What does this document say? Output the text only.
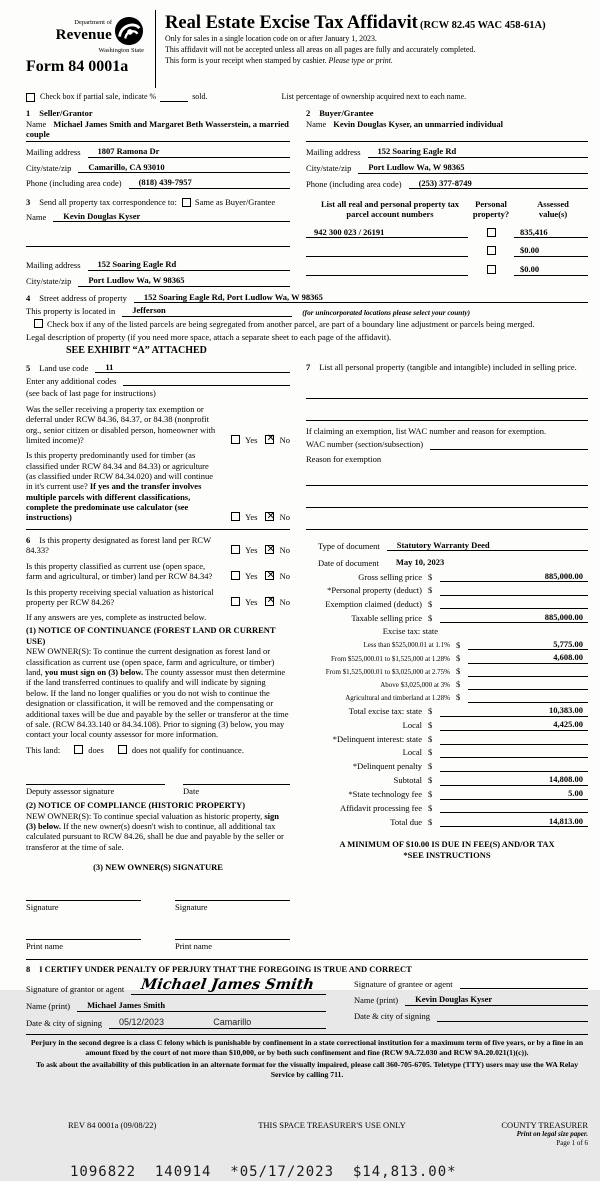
Department of
Revenue
Washington State
Form 84 0001a
Real Estate Excise Tax Affidavit (RCW 82.45 WAC 458-61A)
Only for sales in a single location code on or after January 1, 2023.
This affidavit will not be accepted unless all areas on all pages are fully and accurately completed.
This form is your receipt when stamped by cashier. Please type or print.
Check box if partial sale, indicate %	sold.	List percentage of ownership acquired next to each name.
1 Seller/Grantor
Name Michael James Smith and Margaret Beth Wasserstein, a married couple
Mailing address	1807 Ramona Dr
City/state/zip	Camarillo, CA 93010
Phone (including area code)	(818) 439-7957
2 Buyer/Grantee
Name Kevin Douglas Kyser, an unmarried individual
Mailing address	152 Soaring Eagle Rd
City/state/zip	Port Ludlow Wa, W 98365
Phone (including area code)	(253) 377-8749
3 Send all property tax correspondence to: Same as Buyer/Grantee
Name	Kevin Douglas Kyser
Mailing address	152 Soaring Eagle Rd
City/state/zip	Port Ludlow Wa, W 98365
List all real and personal property tax
parcel account numbers
Personal
property?
Assessed
value(s)
942 300 023 / 26191	835,416
$0.00
$0.00
4 Street address of property	152 Soaring Eagle Rd, Port Ludlow Wa, W 98365
This property is located in	Jefferson	(for unincorporated locations please select your county)
Check box if any of the listed parcels are being segregated from another parcel, are part of a boundary line adjustment or parcels being merged.
Legal description of property (if you need more space, attach a separate sheet to each page of the affidavit).
SEE EXHIBIT “A” ATTACHED
5 Land use code	11
Enter any additional codes
(see back of last page for instructions)
Was the seller receiving a property tax exemption or deferral under RCW 84.36, 84.37, or 84.38 (nonprofit org., senior citizen or disabled person, homeowner with limited income)?	Yes ✕	No
Is this property predominantly used for timber (as classified under RCW 84.34 and 84.33) or agriculture (as classified under RCW 84.34.020) and will continue in it's current use? If yes and the transfer involves multiple parcels with different classifications, complete the predominate use calculator (see instructions)	Yes ✕	No
6 Is this property designated as forest land per RCW 84.33?	Yes ✕	No
Is this property classified as current use (open space, farm and agricultural, or timber) land per RCW 84.34?	Yes ✕	No
Is this property receiving special valuation as historical property per RCW 84.26?	Yes ✕	No
If any answers are yes, complete as instructed below.
(1) NOTICE OF CONTINUANCE (FOREST LAND OR CURRENT USE)
NEW OWNER(S): To continue the current designation as forest land or classification as current use (open space, farm and agriculture, or timber) land, you must sign on (3) below. The county assessor must then determine if the land transferred continues to qualify and will indicate by signing below. If the land no longer qualifies or you do not wish to continue the designation or classification, it will be removed and the compensating or additional taxes will be due and payable by the seller or transferor at the time of sale. (RCW 84.33.140 or 84.34.108). Prior to signing (3) below, you may contact your local county assessor for more information.
This land:	does	does not qualify for continuance.
Deputy assessor signature	Date
(2) NOTICE OF COMPLIANCE (HISTORIC PROPERTY)
NEW OWNER(S): To continue special valuation as historic property, sign (3) below. If the new owner(s) doesn't wish to continue, all additional tax calculated pursuant to RCW 84.26, shall be due and payable by the seller or transferor at the time of sale.
(3) NEW OWNER(S) SIGNATURE
Signature	Signature
Print name	Print name
7 List all personal property (tangible and intangible) included in selling price.
If claiming an exemption, list WAC number and reason for exemption.
WAC number (section/subsection)
Reason for exemption
Type of document	Statutory Warranty Deed
Date of document	May 10, 2023
Gross selling price $	885,000.00
*Personal property (deduct) $
Exemption claimed (deduct) $
Taxable selling price $	885,000.00
Excise tax: state
Less than $525,000.01 at 1.1% $	5,775.00
From $525,000.01 to $1,525,000 at 1.28% $	4,608.00
From $1,525,000.01 to $3,025,000 at 2.75% $
Above $3,025,000 at 3% $
Agricultural and timberland at 1.28% $
Total excise tax: state $	10,383.00
Local $	4,425.00
*Delinquent interest: state $
Local $
*Delinquent penalty $
Subtotal $	14,808.00
*State technology fee $	5.00
Affidavit processing fee $
Total due $	14,813.00
A MINIMUM OF $10.00 IS DUE IN FEE(S) AND/OR TAX
*SEE INSTRUCTIONS
8 I CERTIFY UNDER PENALTY OF PERJURY THAT THE FOREGOING IS TRUE AND CORRECT
Signature of grantor or agent	Michael James Smith
Name (print)	Michael James Smith
Date & city of signing	05/12/2023	Camarillo
Signature of grantee or agent
Name (print)	Kevin Douglas Kyser
Date & city of signing
Perjury in the second degree is a class C felony which is punishable by confinement in a state correctional institution for a maximum term of five years, or by a fine in an amount fixed by the court of not more than $10,000, or by both such confinement and fine (RCW 9A.72.030 and RCW 9A.20.021(1)(c)).
To ask about the availability of this publication in an alternate format for the visually impaired, please call 360-705-6705. Teletype (TTY) users may use the WA Relay Service by calling 711.
REV 84 0001a (09/08/22)	THIS SPACE TREASURER'S USE ONLY	COUNTY TREASURER
Print on legal size paper.
Page 1 of 6
1096822  140914  *05/17/2023  $14,813.00*
